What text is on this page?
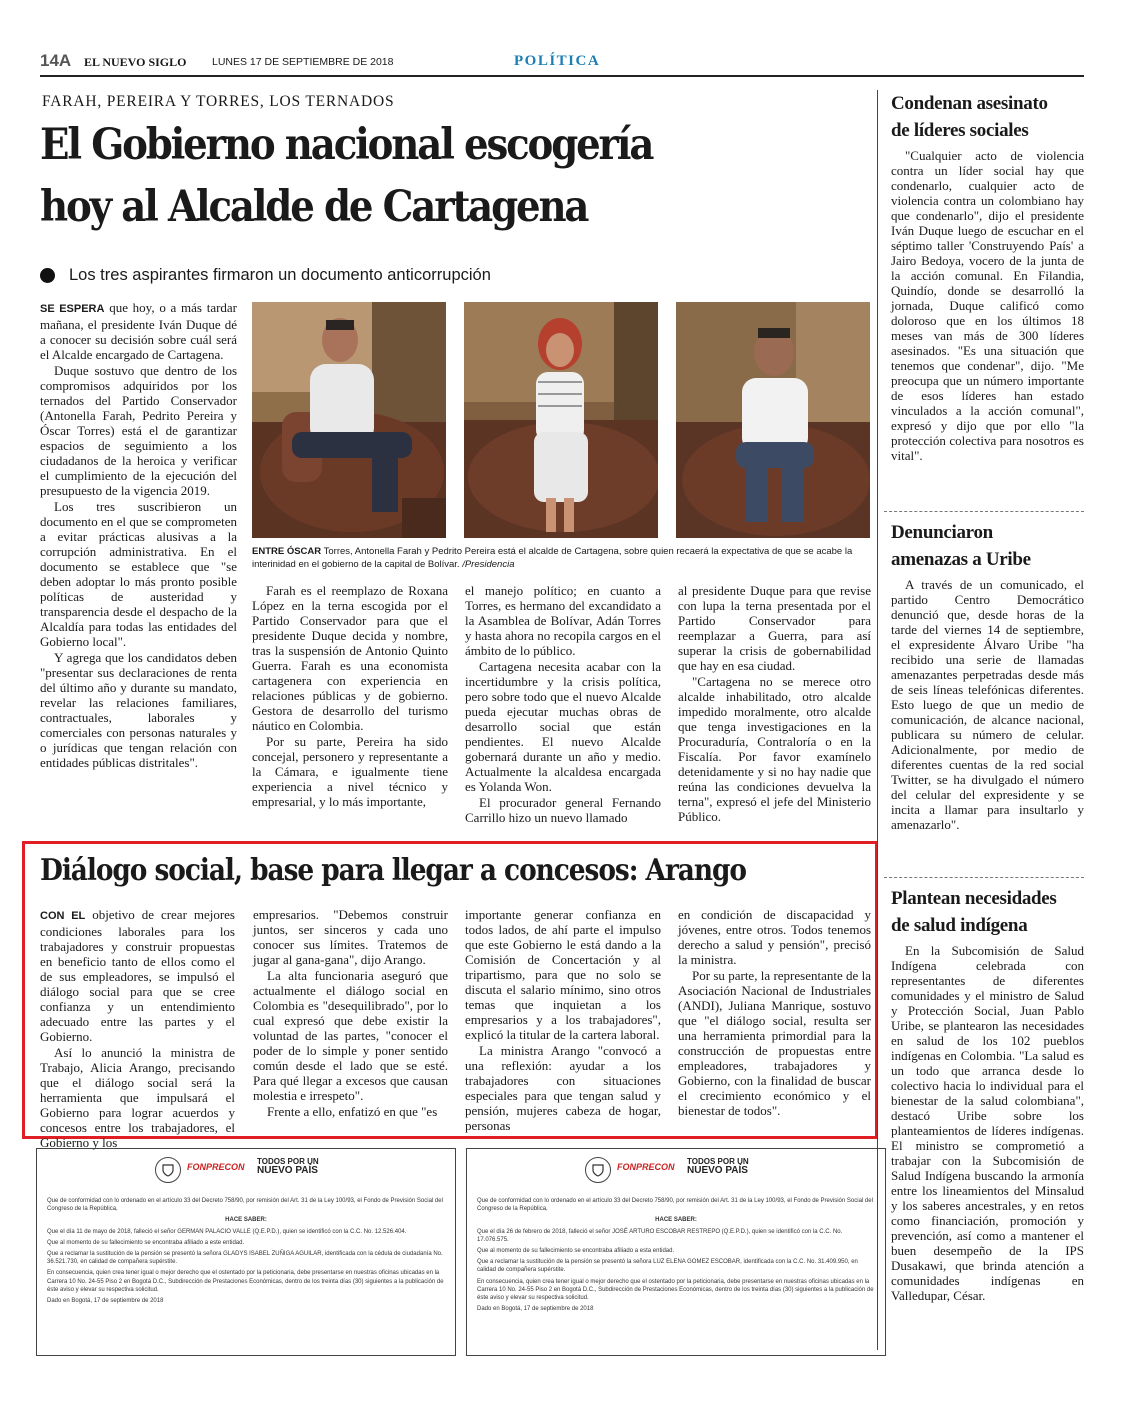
14A EL NUEVO SIGLO LUNES 17 DE SEPTIEMBRE DE 2018	POLÍTICA
FARAH, PEREIRA Y TORRES, LOS TERNADOS
El Gobierno nacional escogería
hoy al Alcalde de Cartagena
Los tres aspirantes firmaron un documento anticorrupción

SE ESPERA que hoy, o a más tardar mañana, el presidente Iván Duque dé a conocer su decisión sobre cuál será el Alcalde encargado de Cartagena.

Duque sostuvo que dentro de los compromisos adquiridos por los ternados del Partido Conservador (Antonella Farah, Pedrito Pereira y Óscar Torres) está el de garantizar espacios de seguimiento a los ciudadanos de la heroica y verificar el cumplimiento de la ejecución del presupuesto de la vigencia 2019.

Los tres suscribieron un documento en el que se comprometen a evitar prácticas alusivas a la corrupción administrativa. En el documento se establece que "se deben adoptar lo más pronto posible políticas de austeridad y transparencia desde el despacho de la Alcaldía para todas las entidades del Gobierno local".

Y agrega que los candidatos deben "presentar sus declaraciones de renta del último año y durante su mandato, revelar las relaciones familiares, contractuales, laborales y comerciales con personas naturales y o jurídicas que tengan relación con entidades públicas distritales".

ENTRE ÓSCAR Torres, Antonella Farah y Pedrito Pereira está el alcalde de Cartagena, sobre quien recaerá la expectativa de que se acabe la interinidad en el gobierno de la capital de Bolívar. /Presidencia

Farah es el reemplazo de Roxana López en la terna escogida por el Partido Conservador para que el presidente Duque decida y nombre, tras la suspensión de Antonio Quinto Guerra. Farah es una economista cartagenera con experiencia en relaciones públicas y de gobierno. Gestora de desarrollo del turismo náutico en Colombia.

Por su parte, Pereira ha sido concejal, personero y representante a la Cámara, e igualmente tiene experiencia a nivel técnico y empresarial, y lo más importante,

el manejo político; en cuanto a Torres, es hermano del excandidato a la Asamblea de Bolívar, Adán Torres y hasta ahora no recopila cargos en el ámbito de lo público.

Cartagena necesita acabar con la incertidumbre y la crisis política, pero sobre todo que el nuevo Alcalde pueda ejecutar muchas obras de desarrollo social que están pendientes. El nuevo Alcalde gobernará durante un año y medio. Actualmente la alcaldesa encargada es Yolanda Won.

El procurador general Fernando Carrillo hizo un nuevo llamado

al presidente Duque para que revise con lupa la terna presentada por el Partido Conservador para reemplazar a Guerra, para así superar la crisis de gobernabilidad que hay en esa ciudad.

"Cartagena no se merece otro alcalde inhabilitado, otro alcalde impedido moralmente, otro alcalde que tenga investigaciones en la Procuraduría, Contraloría o en la Fiscalía. Por favor examínelo detenidamente y si no hay nadie que reúna las condiciones devuelva la terna", expresó el jefe del Ministerio Público.

Diálogo social, base para llegar a concesos: Arango

CON EL objetivo de crear mejores condiciones laborales para los trabajadores y construir propuestas en beneficio tanto de ellos como el de sus empleadores, se impulsó el diálogo social para que se cree confianza y un entendimiento adecuado entre las partes y el Gobierno.

Así lo anunció la ministra de Trabajo, Alicia Arango, precisando que el diálogo social será la herramienta que impulsará el Gobierno para lograr acuerdos y concesos entre los trabajadores, el Gobierno y los

empresarios. "Debemos construir juntos, ser sinceros y cada uno conocer sus límites. Tratemos de jugar al gana-gana", dijo Arango.

La alta funcionaria aseguró que actualmente el diálogo social en Colombia es "desequilibrado", por lo cual expresó que debe existir la voluntad de las partes, "conocer el poder de lo simple y poner sentido común desde el lado que se esté. Para qué llegar a excesos que causan molestia e irrespeto".

Frente a ello, enfatizó en que "es

importante generar confianza en todos lados, de ahí parte el impulso que este Gobierno le está dando a la Comisión de Concertación y al tripartismo, para que no solo se discuta el salario mínimo, sino otros temas que inquietan a los empresarios y a los trabajadores", explicó la titular de la cartera laboral.

La ministra Arango "convocó a una reflexión: ayudar a los trabajadores con situaciones especiales para que tengan salud y pensión, mujeres cabeza de hogar, personas

en condición de discapacidad y jóvenes, entre otros. Todos tenemos derecho a salud y pensión", precisó la ministra.

Por su parte, la representante de la Asociación Nacional de Industriales (ANDI), Juliana Manrique, sostuvo que "el diálogo social, resulta ser una herramienta primordial para la construcción de propuestas entre empleadores, trabajadores y Gobierno, con la finalidad de buscar el crecimiento económico y el bienestar de todos".

Condenan asesinato
de líderes sociales

"Cualquier acto de violencia contra un líder social hay que condenarlo, cualquier acto de violencia contra un colombiano hay que condenarlo", dijo el presidente Iván Duque luego de escuchar en el séptimo taller 'Construyendo País' a Jairo Bedoya, vocero de la junta de la acción comunal. En Filandia, Quindío, donde se desarrolló la jornada, Duque calificó como doloroso que en los últimos 18 meses van más de 300 líderes asesinados. "Es una situación que tenemos que condenar", dijo. "Me preocupa que un número importante de esos líderes han estado vinculados a la acción comunal", expresó y dijo que por ello "la protección colectiva para nosotros es vital".

Denunciaron
amenazas a Uribe

A través de un comunicado, el partido Centro Democrático denunció que, desde horas de la tarde del viernes 14 de septiembre, el expresidente Álvaro Uribe "ha recibido una serie de llamadas amenazantes perpetradas desde más de seis líneas telefónicas diferentes. Esto luego de que un medio de comunicación, de alcance nacional, publicara su número de celular. Adicionalmente, por medio de diferentes cuentas de la red social Twitter, se ha divulgado el número del celular del expresidente y se incita a llamar para insultarlo y amenazarlo".

Plantean necesidades
de salud indígena

En la Subcomisión de Salud Indígena celebrada con representantes de diferentes comunidades y el ministro de Salud y Protección Social, Juan Pablo Uribe, se plantearon las necesidades en salud de los 102 pueblos indígenas en Colombia. "La salud es un todo que arranca desde lo colectivo hacia lo individual para el bienestar de la salud colombiana", destacó Uribe sobre los planteamientos de líderes indígenas. El ministro se comprometió a trabajar con la Subcomisión de Salud Indígena buscando la armonía entre los lineamientos del Minsalud y los saberes ancestrales, y en retos como financiación, promoción y prevención, así como a mantener el buen desempeño de la IPS Dusakawi, que brinda atención a comunidades indígenas en Valledupar, César.

FONPRECON
TODOS POR UN
NUEVO PAÍS

Que de conformidad con lo ordenado en el artículo 33 del Decreto 758/90, por remisión del Art. 31 de la Ley 100/93, el Fondo de Previsión Social del Congreso de la República,

HACE SABER:

Que el día 11 de mayo de 2018, falleció el señor GERMAN PALACIO VALLE (Q.E.P.D.), quien se identificó con la C.C. No. 12.526.404.

Que al momento de su fallecimiento se encontraba afiliado a este entidad.

Que a reclamar la sustitución de la pensión se presentó la señora GLADYS ISABEL ZUÑIGA AGUILAR, identificada con la cédula de ciudadanía No. 36.521.730, en calidad de compañera supérstite.

En consecuencia, quien crea tener igual o mejor derecho que el ostentado por la peticionaria, debe presentarse en nuestras oficinas ubicadas en la Carrera 10 No. 24-55 Piso 2 en Bogotá D.C., Subdirección de Prestaciones Económicas, dentro de los treinta días (30) siguientes a la publicación de éste aviso y elevar su respectiva solicitud.

Dado en Bogotá, 17 de septiembre de 2018

FONPRECON
TODOS POR UN
NUEVO PAÍS

Que de conformidad con lo ordenado en el artículo 33 del Decreto 758/90, por remisión del Art. 31 de la Ley 100/93, el Fondo de Previsión Social del Congreso de la República,

HACE SABER:

Que el día 26 de febrero de 2018, falleció el señor JOSÉ ARTURO ESCOBAR RESTREPO (Q.E.P.D.), quien se identificó con la C.C. No. 17.076.575.

Que al momento de su fallecimiento se encontraba afiliado a esta entidad.

Que a reclamar la sustitución de la pensión se presentó la señora LUZ ELENA GOMEZ ESCOBAR, identificada con la C.C. No. 31.409.950, en calidad de compañera supérstite.

En consecuencia, quien crea tener igual o mejor derecho que el ostentado por la peticionaria, debe presentarse en nuestras oficinas ubicadas en la Carrera 10 No. 24-55 Piso 2 en Bogotá D.C., Subdirección de Prestaciones Económicas, dentro de los treinta días (30) siguientes a la publicación de éste aviso y elevar su respectiva solicitud.

Dado en Bogotá, 17 de septiembre de 2018
